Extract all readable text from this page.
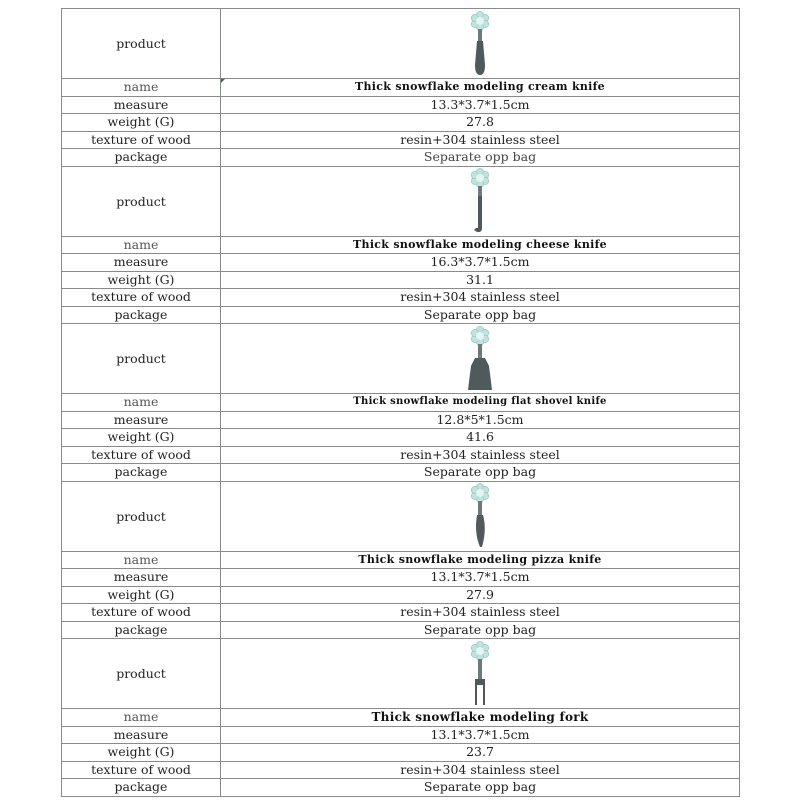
product	

name	Thick snowflake modeling cream knife
measure	13.3*3.7*1.5cm
weight (G)	27.8
texture of wood	resin+304 stainless steel
package	Separate opp bag
product	

name	Thick snowflake modeling cheese knife
measure	16.3*3.7*1.5cm
weight (G)	31.1
texture of wood	resin+304 stainless steel
package	Separate opp bag
product	

name	Thick snowflake modeling flat shovel knife
measure	12.8*5*1.5cm
weight (G)	41.6
texture of wood	resin+304 stainless steel
package	Separate opp bag
product	

name	Thick snowflake modeling pizza knife
measure	13.1*3.7*1.5cm
weight (G)	27.9
texture of wood	resin+304 stainless steel
package	Separate opp bag
product	

name	Thick snowflake modeling fork
measure	13.1*3.7*1.5cm
weight (G)	23.7
texture of wood	resin+304 stainless steel
package	Separate opp bag
